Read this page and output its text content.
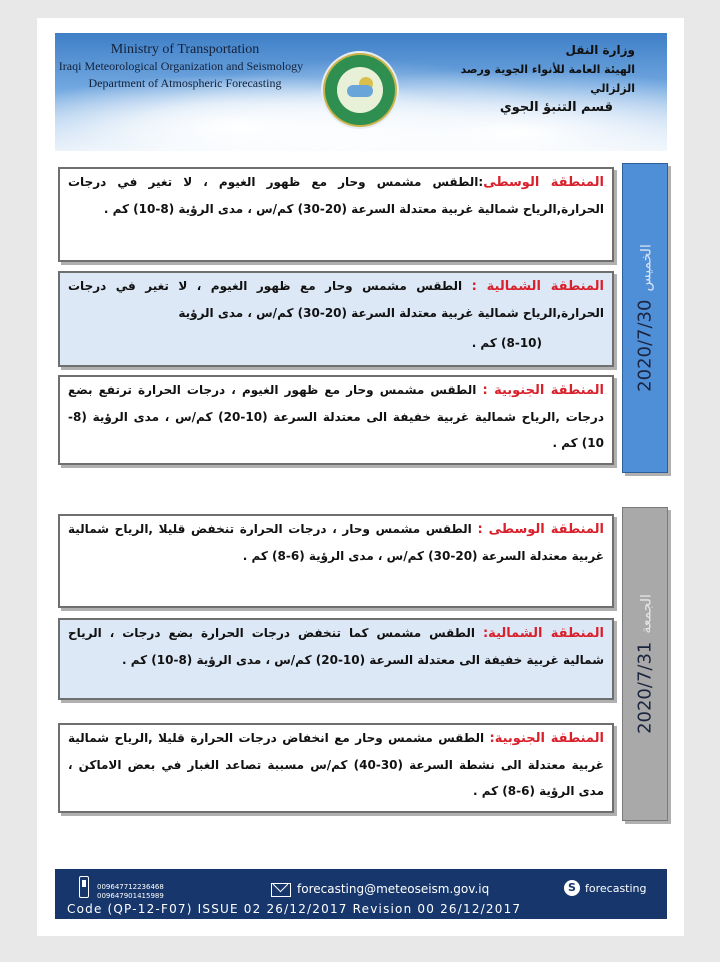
Ministry of Transportation
Iraqi Meteorological Organization and Seismology
Department of Atmospheric Forecasting
وزارة النقل
الهيئة العامة للأنواء الجوية ورصد الزلزالي
قسم التنبؤ الجوي
المنطقة الوسطى:الطقس مشمس وحار مع ظهور الغيوم ، لا تغير في درجات الحرارة,الرياح شمالية غربية معتدلة السرعة (20-30) كم/س ، مدى الرؤية (8-10) كم .
المنطقة الشمالية : الطقس مشمس وحار مع ظهور الغيوم ، لا تغير في درجات الحرارة,الرياح شمالية غربية معتدلة السرعة (20-30) كم/س ، مدى الرؤية
(8-10) كم .
المنطقة الجنوبية : الطقس مشمس وحار مع ظهور الغيوم ، درجات الحرارة ترتفع بضع درجات ,الرياح شمالية غربية خفيفة الى معتدلة السرعة (10-20) كم/س ، مدى الرؤية (8-10) كم .
2020/7/30الخميس
المنطقة الوسطى : الطقس مشمس وحار ، درجات الحرارة تنخفض قليلا ,الرياح شمالية غربية معتدلة السرعة (20-30) كم/س ، مدى الرؤية (6-8) كم .
المنطقة الشمالية: الطقس مشمس كما تنخفض درجات الحرارة بضع درجات ، الرياح شمالية غربية خفيفة الى معتدلة السرعة (10-20) كم/س ، مدى الرؤية (8-10) كم .
المنطقة الجنوبية: الطقس مشمس وحار مع انخفاض درجات الحرارة قليلا ,الرياح شمالية غربية معتدلة الى نشطة السرعة (30-40) كم/س مسببة تصاعد الغبار في بعض الاماكن ، مدى الرؤية (6-8) كم .
2020/7/31الجمعة
009647712236468
009647901415989	forecasting@meteoseism.gov.iq	S forecasting
Code (QP-12-F07) ISSUE 02 26/12/2017 Revision 00 26/12/2017
